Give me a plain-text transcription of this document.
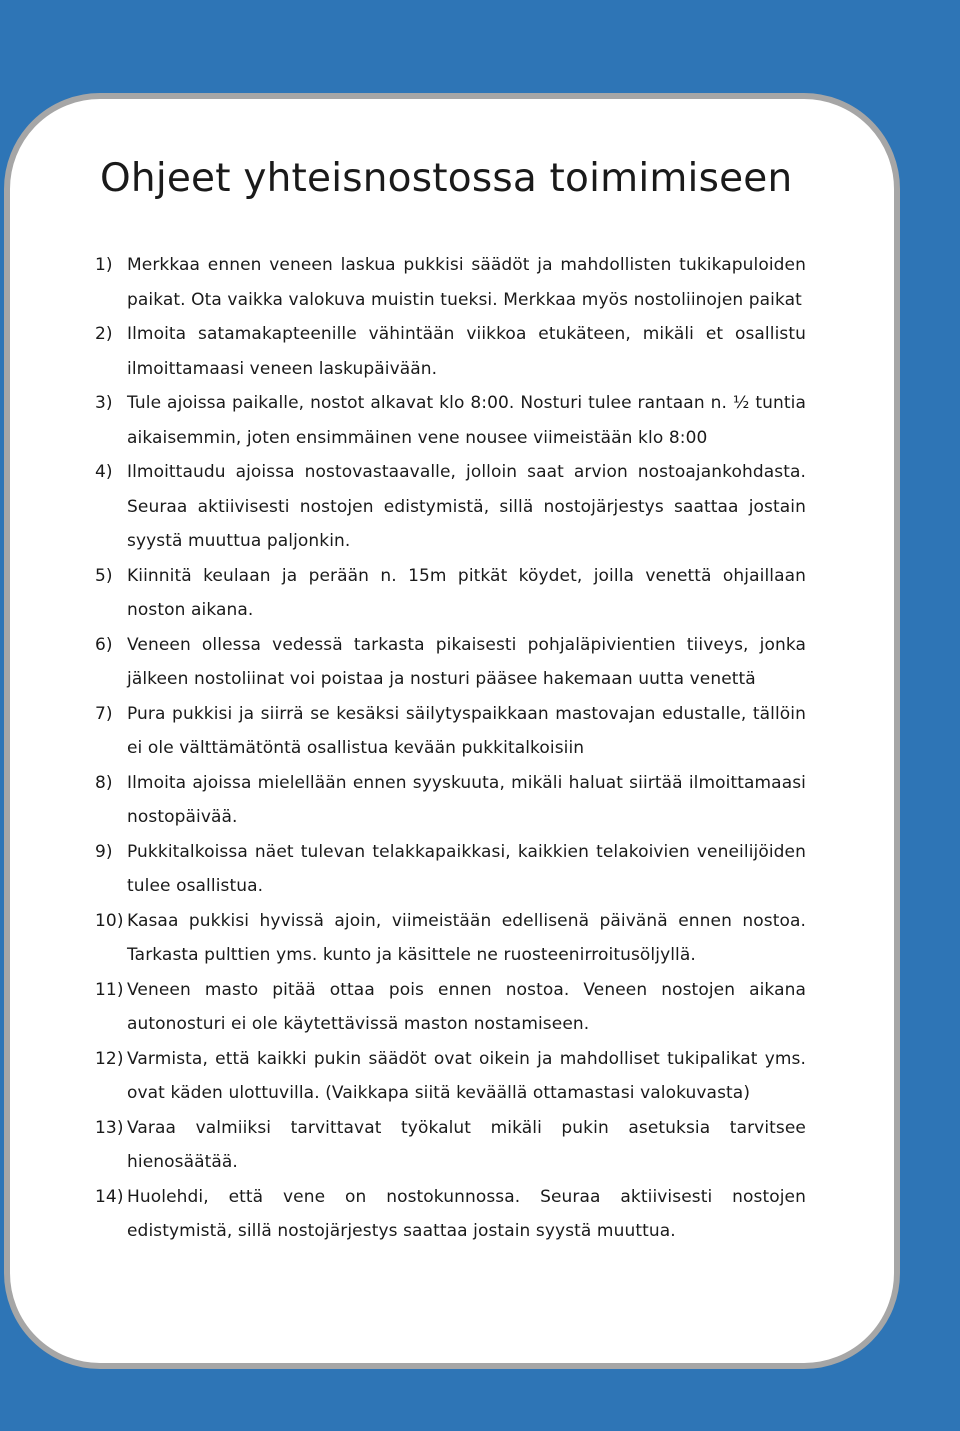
Ohjeet yhteisnostossa toimimiseen
1) Merkkaa ennen veneen laskua pukkisi säädöt ja mahdollisten tukikapuloiden paikat. Ota vaikka valokuva muistin tueksi. Merkkaa myös nostoliinojen paikat
2) Ilmoita satamakapteenille vähintään viikkoa etukäteen, mikäli et osallistu ilmoittamaasi veneen laskupäivään.
3) Tule ajoissa paikalle, nostot alkavat klo 8:00. Nosturi tulee rantaan n. ½ tuntia aikaisemmin, joten ensimmäinen vene nousee viimeistään klo 8:00
4) Ilmoittaudu ajoissa nostovastaavalle, jolloin saat arvion nostoajankohdasta. Seuraa aktiivisesti nostojen edistymistä, sillä nostojärjestys saattaa jostain syystä muuttua paljonkin.
5) Kiinnitä keulaan ja perään n. 15m pitkät köydet, joilla venettä ohjaillaan noston aikana.
6) Veneen ollessa vedessä tarkasta pikaisesti pohjaläpivientien tiiveys, jonka jälkeen nostoliinat voi poistaa ja nosturi pääsee hakemaan uutta venettä
7) Pura pukkisi ja siirrä se kesäksi säilytyspaikkaan mastovajan edustalle, tällöin ei ole välttämätöntä osallistua kevään pukkitalkoisiin
8) Ilmoita ajoissa mielellään ennen syyskuuta, mikäli haluat siirtää ilmoittamaasi nostopäivää.
9) Pukkitalkoissa näet tulevan telakkapaikkasi, kaikkien telakoivien veneilijöiden tulee osallistua.
10) Kasaa pukkisi hyvissä ajoin, viimeistään edellisenä päivänä ennen nostoa. Tarkasta pulttien yms. kunto ja käsittele ne ruosteenirroitusöljyllä.
11) Veneen masto pitää ottaa pois ennen nostoa. Veneen nostojen aikana autonosturi ei ole käytettävissä maston nostamiseen.
12) Varmista, että kaikki pukin säädöt ovat oikein ja mahdolliset tukipalikat yms. ovat käden ulottuvilla. (Vaikkapa siitä keväällä ottamastasi valokuvasta)
13) Varaa valmiiksi tarvittavat työkalut mikäli pukin asetuksia tarvitsee hienosäätää.
14) Huolehdi, että vene on nostokunnossa. Seuraa aktiivisesti nostojen edistymistä, sillä nostojärjestys saattaa jostain syystä muuttua.
